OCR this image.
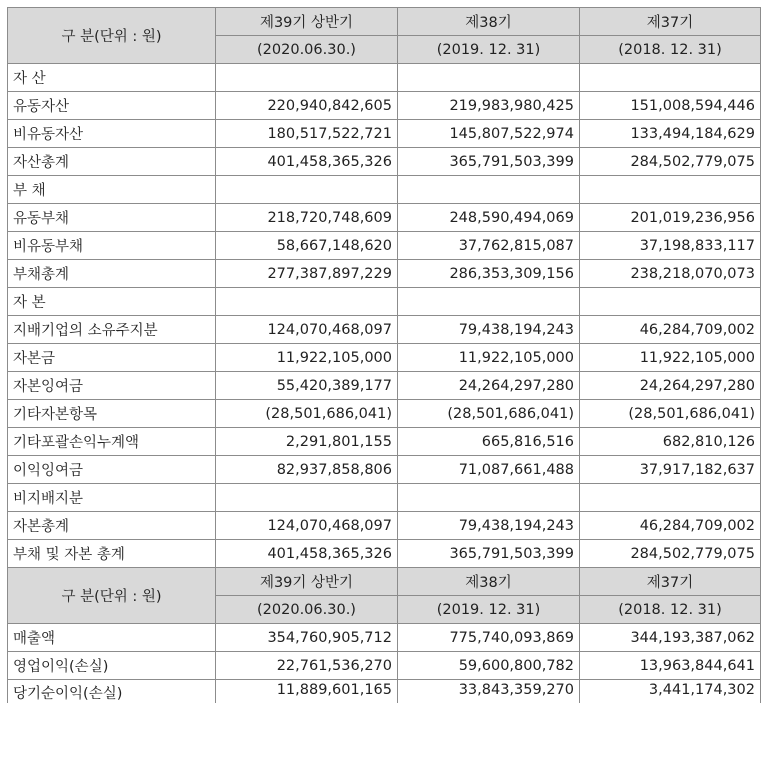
구 분(단위 : 원)	제39기 상반기	제38기	제37기
	(2020.06.30.)	(2019. 12. 31)	(2018. 12. 31)
자 산			
유동자산	220,940,842,605	219,983,980,425	151,008,594,446
비유동자산	180,517,522,721	145,807,522,974	133,494,184,629
자산총계	401,458,365,326	365,791,503,399	284,502,779,075
부 채			
유동부채	218,720,748,609	248,590,494,069	201,019,236,956
비유동부채	58,667,148,620	37,762,815,087	37,198,833,117
부채총계	277,387,897,229	286,353,309,156	238,218,070,073
자 본			
지배기업의 소유주지분	124,070,468,097	79,438,194,243	46,284,709,002
자본금	11,922,105,000	11,922,105,000	11,922,105,000
자본잉여금	55,420,389,177	24,264,297,280	24,264,297,280
기타자본항목	(28,501,686,041)	(28,501,686,041)	(28,501,686,041)
기타포괄손익누계액	2,291,801,155	665,816,516	682,810,126
이익잉여금	82,937,858,806	71,087,661,488	37,917,182,637
비지배지분			
자본총계	124,070,468,097	79,438,194,243	46,284,709,002
부채 및 자본 총계	401,458,365,326	365,791,503,399	284,502,779,075
구 분(단위 : 원)	제39기 상반기	제38기	제37기
	(2020.06.30.)	(2019. 12. 31)	(2018. 12. 31)
매출액	354,760,905,712	775,740,093,869	344,193,387,062
영업이익(손실)	22,761,536,270	59,600,800,782	13,963,844,641
당기순이익(손실)	11,889,601,165	33,843,359,270	3,441,174,302
